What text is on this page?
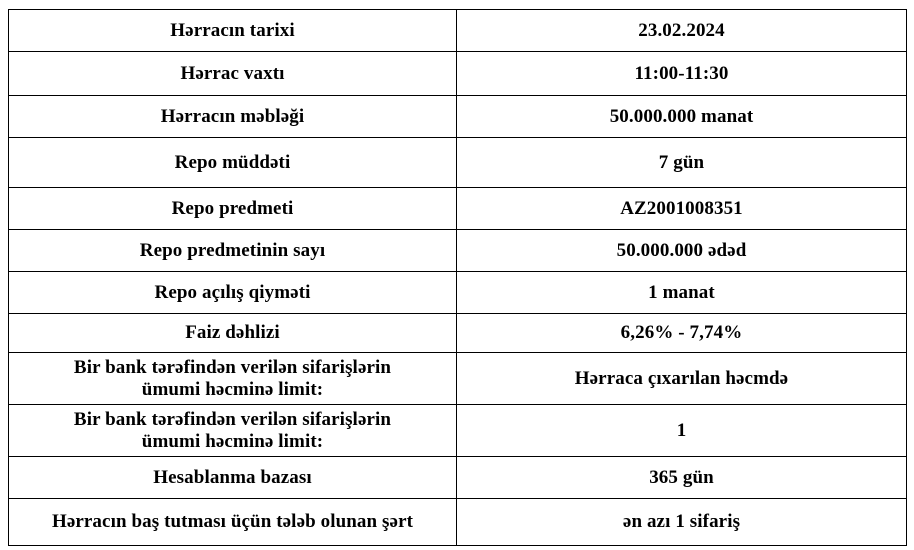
Hərracın tarixi	23.02.2024
Hərrac vaxtı	11:00-11:30
Hərracın məbləği	50.000.000 manat
Repo müddəti	7 gün
Repo predmeti	AZ2001008351
Repo predmetinin sayı	50.000.000 ədəd
Repo açılış qiyməti	1 manat
Faiz dəhlizi	6,26% - 7,74%

Bir bank tərəfindən verilən sifarişlərin
ümumi həcminə limit:	Hərraca çıxarılan həcmdə

Bir bank tərəfindən verilən sifarişlərin
ümumi həcminə limit:	1
Hesablanma bazası	365 gün
Hərracın baş tutması üçün tələb olunan şərt	ən azı 1 sifariş
